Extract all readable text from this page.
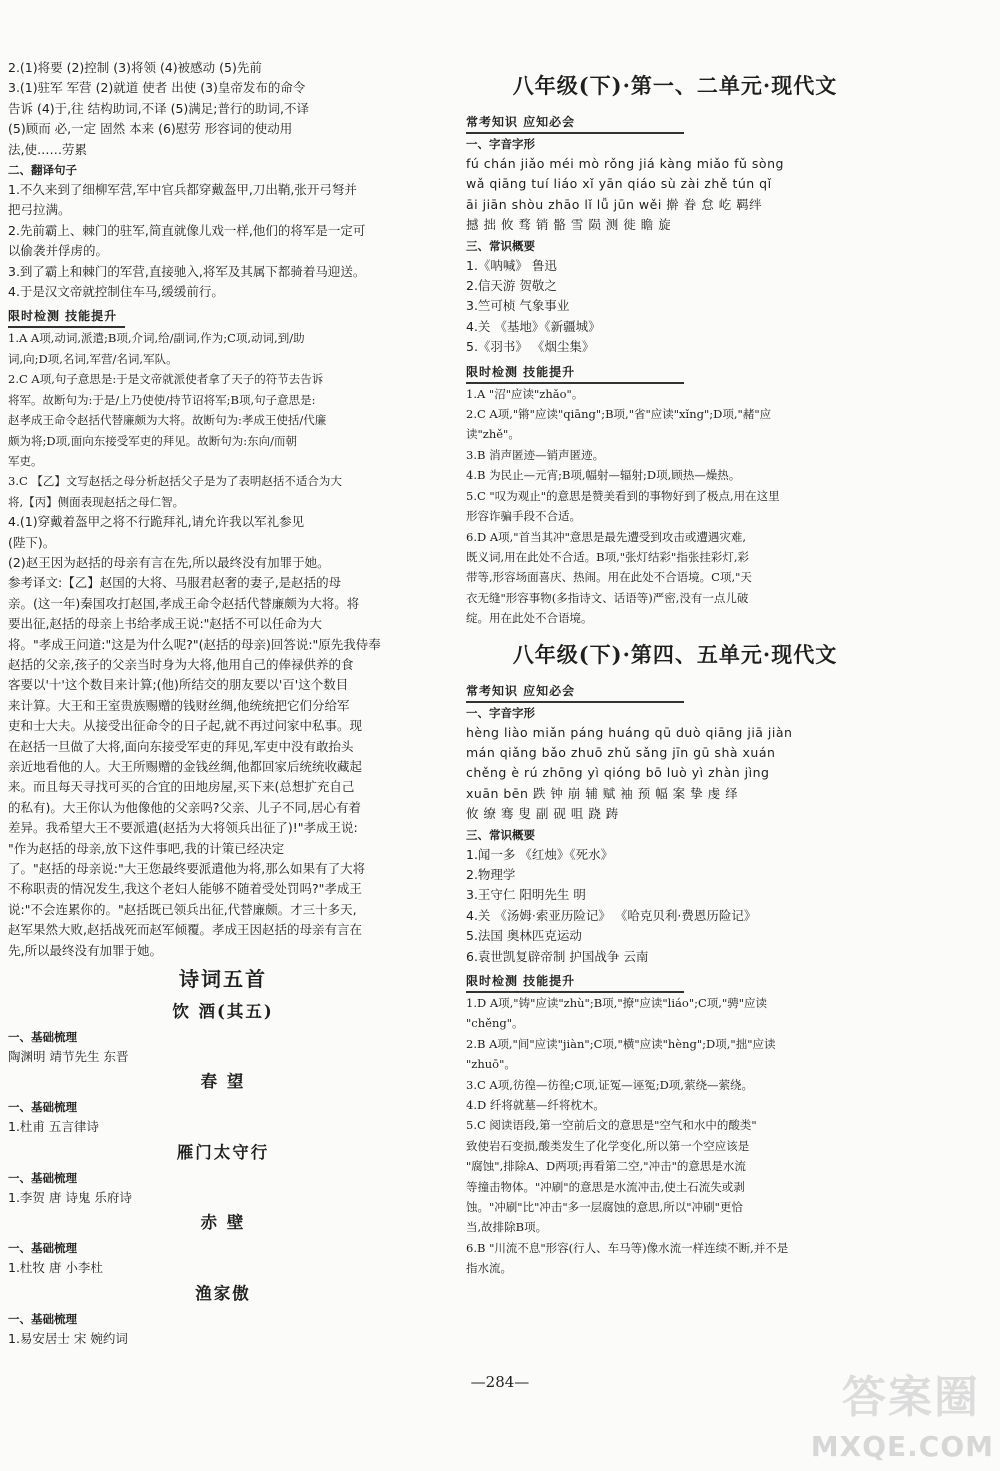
2.(1)将要 (2)控制 (3)将领 (4)被感动 (5)先前
3.(1)驻军 军营 (2)就道 使者 出使 (3)皇帝发布的命令
告诉 (4)于,往 结构助词,不译 (5)满足;普行的助词,不译
(5)顾而 必,一定 固然 本来 (6)慰劳 形容词的使动用
法,使……劳累
二、翻译句子
1.不久来到了细柳军营,军中官兵都穿戴盔甲,刀出鞘,张开弓弩并
把弓拉满。
2.先前霸上、棘门的驻军,简直就像儿戏一样,他们的将军是一定可
以偷袭并俘虏的。
3.到了霸上和棘门的军营,直接驰入,将军及其属下都骑着马迎送。
4.于是汉文帝就控制住车马,缓缓前行。
限时检测 技能提升
1.A A项,动词,派遣;B项,介词,给/副词,作为;C项,动词,到/助
词,向;D项,名词,军营/名词,军队。
2.C A项,句子意思是:于是文帝就派使者拿了天子的符节去告诉
将军。故断句为:于是/上乃使使/持节诏将军;B项,句子意思是:
赵孝成王命令赵括代替廉颇为大将。故断句为:孝成王使括/代廉
颇为将;D项,面向东接受军吏的拜见。故断句为:东向/而朝
军吏。
3.C 【乙】文写赵括之母分析赵括父子是为了表明赵括不适合为大
将,【丙】侧面表现赵括之母仁智。
4.(1)穿戴着盔甲之将不行跪拜礼,请允许我以军礼参见
(陛下)。
(2)赵王因为赵括的母亲有言在先,所以最终没有加罪于她。
参考译文:【乙】赵国的大将、马服君赵奢的妻子,是赵括的母
亲。(这一年)秦国攻打赵国,孝成王命令赵括代替廉颇为大将。将
要出征,赵括的母亲上书给孝成王说:"赵括不可以任命为大
将。"孝成王问道:"这是为什么呢?"(赵括的母亲)回答说:"原先我侍奉
赵括的父亲,孩子的父亲当时身为大将,他用自己的俸禄供养的食
客要以'十'这个数目来计算;(他)所结交的朋友要以'百'这个数目
来计算。大王和王室贵族赐赠的钱财丝绸,他统统把它们分给军
吏和士大夫。从接受出征命令的日子起,就不再过问家中私事。现
在赵括一旦做了大将,面向东接受军吏的拜见,军吏中没有敢抬头
亲近地看他的人。大王所赐赠的金钱丝绸,他都回家后统统收藏起
来。而且每天寻找可买的合宜的田地房屋,买下来(总想扩充自己
的私有)。大王你认为他像他的父亲吗?父亲、儿子不同,居心有着
差异。我希望大王不要派遣(赵括为大将领兵出征了)!"孝成王说:
"作为赵括的母亲,放下这件事吧,我的计策已经决定
了。"赵括的母亲说:"大王您最终要派遣他为将,那么如果有了大将
不称职责的情况发生,我这个老妇人能够不随着受处罚吗?"孝成王
说:"不会连累你的。"赵括既已领兵出征,代替廉颇。才三十多天,
赵军果然大败,赵括战死而赵军倾覆。孝成王因赵括的母亲有言在
先,所以最终没有加罪于她。
诗词五首
饮 酒(其五)
一、基础梳理
陶渊明 靖节先生 东晋
春 望
一、基础梳理
1.杜甫 五言律诗
雁门太守行
一、基础梳理
1.李贺 唐 诗鬼 乐府诗
赤 壁
一、基础梳理
1.杜牧 唐 小李杜
渔家傲
一、基础梳理
1.易安居士 宋 婉约词
八年级(下)·第一、二单元·现代文
常考知识 应知必会
一、字音字形
fú chán jiǎo méi mò rǒng jiá kàng miǎo fǔ sòng
wǎ qiāng tuí liáo xǐ yān qiáo sù zài zhě tún qǐ
āi jiān shòu zhāo lǐ lǚ jūn wěi 擀 眷 怠 屹 羁绊
撼 拙 攸 骛 销 骼 雪 陨 测 徙 瞻 旋
三、常识概要
1.《呐喊》 鲁迅
2.信天游 贺敬之
3.竺可桢 气象事业
4.关 《基地》《新疆城》
5.《羽书》 《烟尘集》
限时检测 技能提升
1.A "沼"应读"zhǎo"。
2.C A项,"锵"应读"qiāng";B项,"省"应读"xǐng";D项,"赭"应
读"zhě"。
3.B 消声匿迹—销声匿迹。
4.B 为民止—元宵;B项,幅射—辐射;D项,顾热—燥热。
5.C "叹为观止"的意思是赞美看到的事物好到了极点,用在这里
形容诈骗手段不合适。
6.D A项,"首当其冲"意思是最先遭受到攻击或遭遇灾难,
既义词,用在此处不合适。B项,"张灯结彩"指张挂彩灯,彩
带等,形容场面喜庆、热闹。用在此处不合语境。C项,"天
衣无缝"形容事物(多指诗文、话语等)严密,没有一点儿破
绽。用在此处不合语境。
八年级(下)·第四、五单元·现代文
常考知识 应知必会
一、字音字形
hèng liào miǎn páng huáng qū duò qiāng jiā jiàn
mán qiǎng bǎo zhuō zhǔ sǎng jīn gū shà xuán
chěng è rú zhōng yì qióng bō luò yì zhàn jìng
xuān bēn 跌 钟 崩 辅 赋 袖 预 幅 案 挚 虔 绎
攸 缭 骞 叟 副 砚 咀 跷 踌
三、常识概要
1.闻一多 《红烛》《死水》
2.物理学
3.王守仁 阳明先生 明
4.关 《汤姆·索亚历险记》 《哈克贝利·费恩历险记》
5.法国 奥林匹克运动
6.袁世凯复辟帝制 护国战争 云南
限时检测 技能提升
1.D A项,"铸"应读"zhù";B项,"撩"应读"liáo";C项,"骋"应读
"chěng"。
2.B A项,"间"应读"jiàn";C项,"横"应读"hèng";D项,"拙"应读
"zhuō"。
3.C A项,彷徨—彷徨;C项,证冤—诬冤;D项,萦绕—萦绕。
4.D 纤将就墓—纤将枕木。
5.C 阅读语段,第一空前后文的意思是"空气和水中的酸类"
致使岩石变损,酸类发生了化学变化,所以第一个空应该是
"腐蚀",排除A、D两项;再看第二空,"冲击"的意思是水流
等撞击物体。"冲刷"的意思是水流冲击,使土石流失或剥
蚀。"冲刷"比"冲击"多一层腐蚀的意思,所以"冲刷"更恰
当,故排除B项。
6.B "川流不息"形容(行人、车马等)像水流一样连续不断,并不是
指水流。
—284—	答案圈
MXQE.COM
